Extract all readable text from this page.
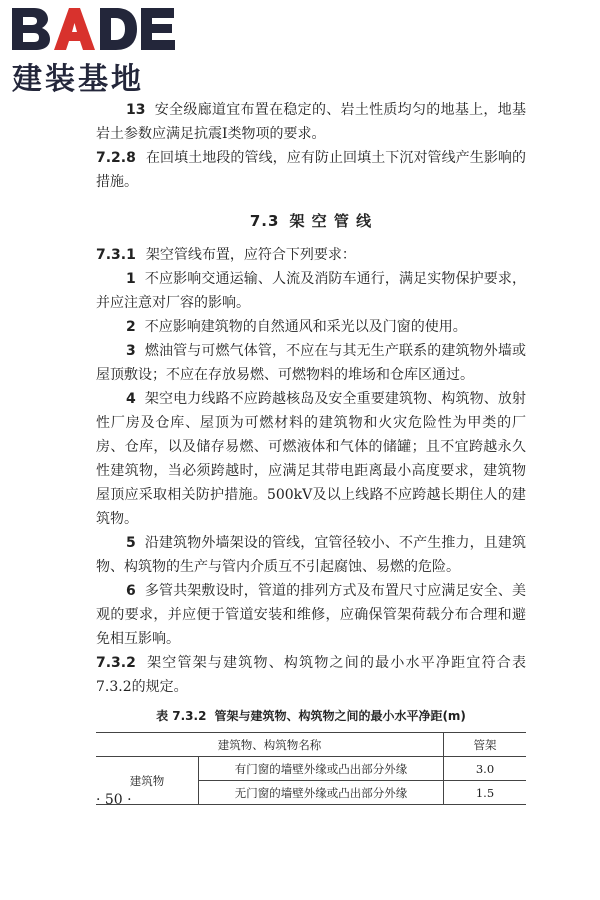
建装基地

13 安全级廊道宜布置在稳定的、岩土性质均匀的地基上，地基岩土参数应满足抗震Ⅰ类物项的要求。

7.2.8 在回填土地段的管线，应有防止回填土下沉对管线产生影响的措施。

7.3 架 空 管 线

7.3.1 架空管线布置，应符合下列要求：

1 不应影响交通运输、人流及消防车通行，满足实物保护要求，并应注意对厂容的影响。

2 不应影响建筑物的自然通风和采光以及门窗的使用。

3 燃油管与可燃气体管，不应在与其无生产联系的建筑物外墙或屋顶敷设；不应在存放易燃、可燃物料的堆场和仓库区通过。

4 架空电力线路不应跨越核岛及安全重要建筑物、构筑物、放射性厂房及仓库、屋顶为可燃材料的建筑物和火灾危险性为甲类的厂房、仓库，以及储存易燃、可燃液体和气体的储罐；且不宜跨越永久性建筑物，当必须跨越时，应满足其带电距离最小高度要求，建筑物屋顶应采取相关防护措施。500kV及以上线路不应跨越长期住人的建筑物。

5 沿建筑物外墙架设的管线，宜管径较小、不产生推力，且建筑物、构筑物的生产与管内介质互不引起腐蚀、易燃的危险。

6 多管共架敷设时，管道的排列方式及布置尺寸应满足安全、美观的要求，并应便于管道安装和维修，应确保管架荷载分布合理和避免相互影响。

7.3.2 架空管架与建筑物、构筑物之间的最小水平净距宜符合表7.3.2的规定。

表 7.3.2 管架与建筑物、构筑物之间的最小水平净距(m)
建筑物、构筑物名称		管架
建筑物	有门窗的墙壁外缘或凸出部分外缘	3.0
	无门窗的墙壁外缘或凸出部分外缘	1.5
· 50 ·
